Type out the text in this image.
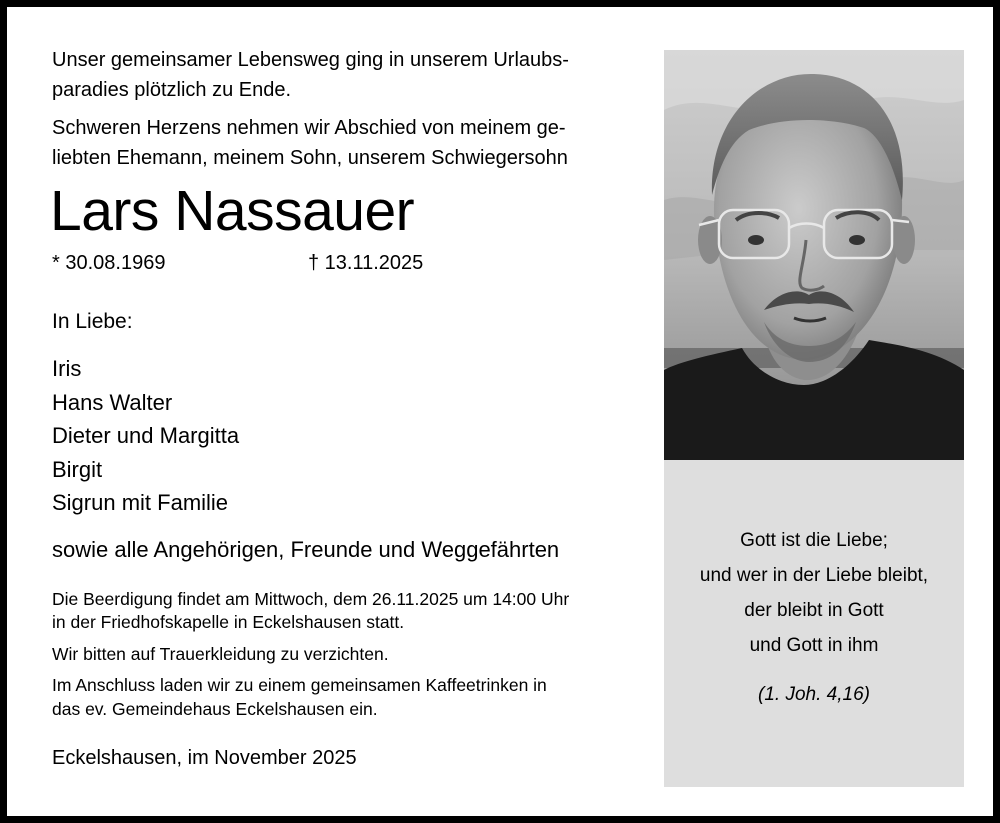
Unser gemeinsamer Lebensweg ging in unserem Urlaubs-
paradies plötzlich zu Ende.

Schweren Herzens nehmen wir Abschied von meinem ge-
liebten Ehemann, meinem Sohn, unserem Schwiegersohn

Lars Nassauer
* 30.08.1969	† 13.11.2025
In Liebe:
Iris
Hans Walter
Dieter und Margitta
Birgit
Sigrun mit Familie
sowie alle Angehörigen, Freunde und Weggefährten

Die Beerdigung findet am Mittwoch, dem 26.11.2025 um 14:00 Uhr
in der Friedhofskapelle in Eckelshausen statt.

Wir bitten auf Trauerkleidung zu verzichten.

Im Anschluss laden wir zu einem gemeinsamen Kaffeetrinken in
das ev. Gemeindehaus Eckelshausen ein.

Eckelshausen, im November 2025
Gott ist die Liebe;
und wer in der Liebe bleibt,
der bleibt in Gott
und Gott in ihm
(1. Joh. 4,16)
